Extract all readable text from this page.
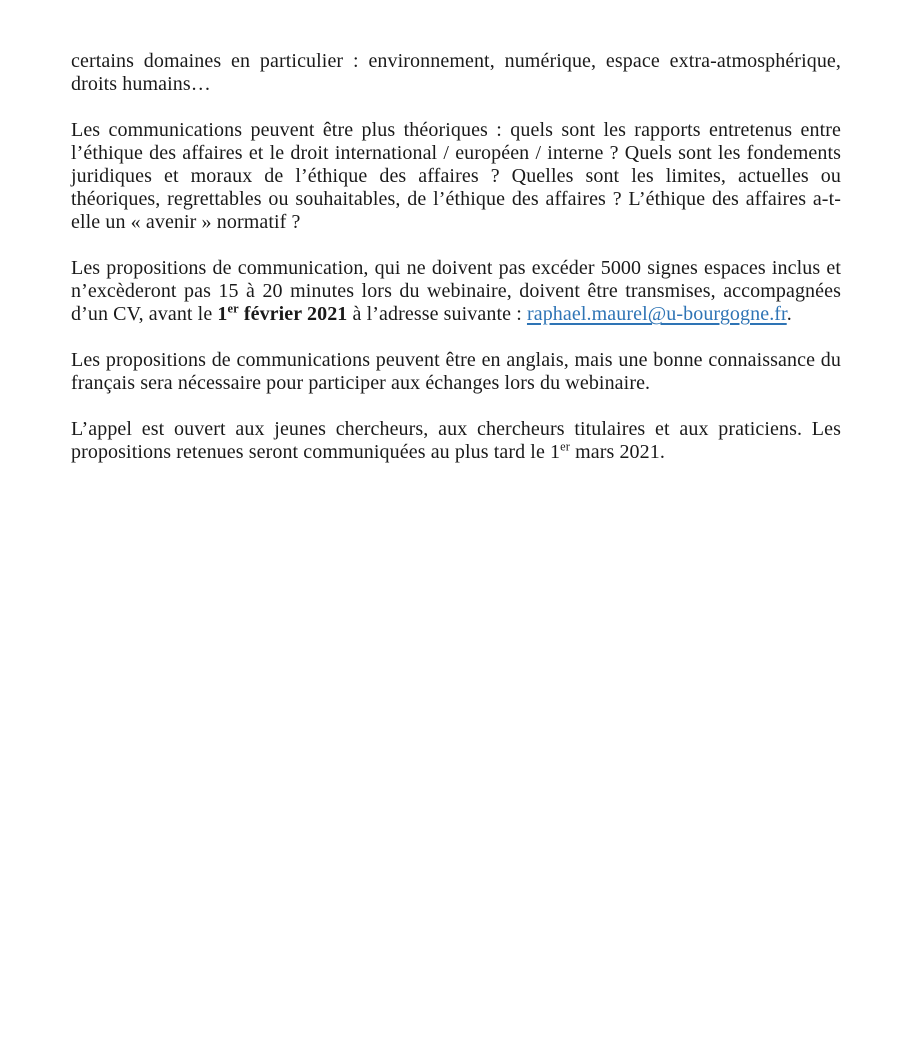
certains domaines en particulier : environnement, numérique, espace extra-atmosphérique, droits humains…

Les communications peuvent être plus théoriques : quels sont les rapports entretenus entre l’éthique des affaires et le droit international / européen / interne ? Quels sont les fondements juridiques et moraux de l’éthique des affaires ? Quelles sont les limites, actuelles ou théoriques, regrettables ou souhaitables, de l’éthique des affaires ? L’éthique des affaires a-t-elle un « avenir » normatif ?

Les propositions de communication, qui ne doivent pas excéder 5000 signes espaces inclus et n’excèderont pas 15 à 20 minutes lors du webinaire, doivent être transmises, accompagnées d’un CV, avant le 1er février 2021 à l’adresse suivante : raphael.maurel@u-bourgogne.fr.

Les propositions de communications peuvent être en anglais, mais une bonne connaissance du français sera nécessaire pour participer aux échanges lors du webinaire.

L’appel est ouvert aux jeunes chercheurs, aux chercheurs titulaires et aux praticiens. Les propositions retenues seront communiquées au plus tard le 1er mars 2021.
